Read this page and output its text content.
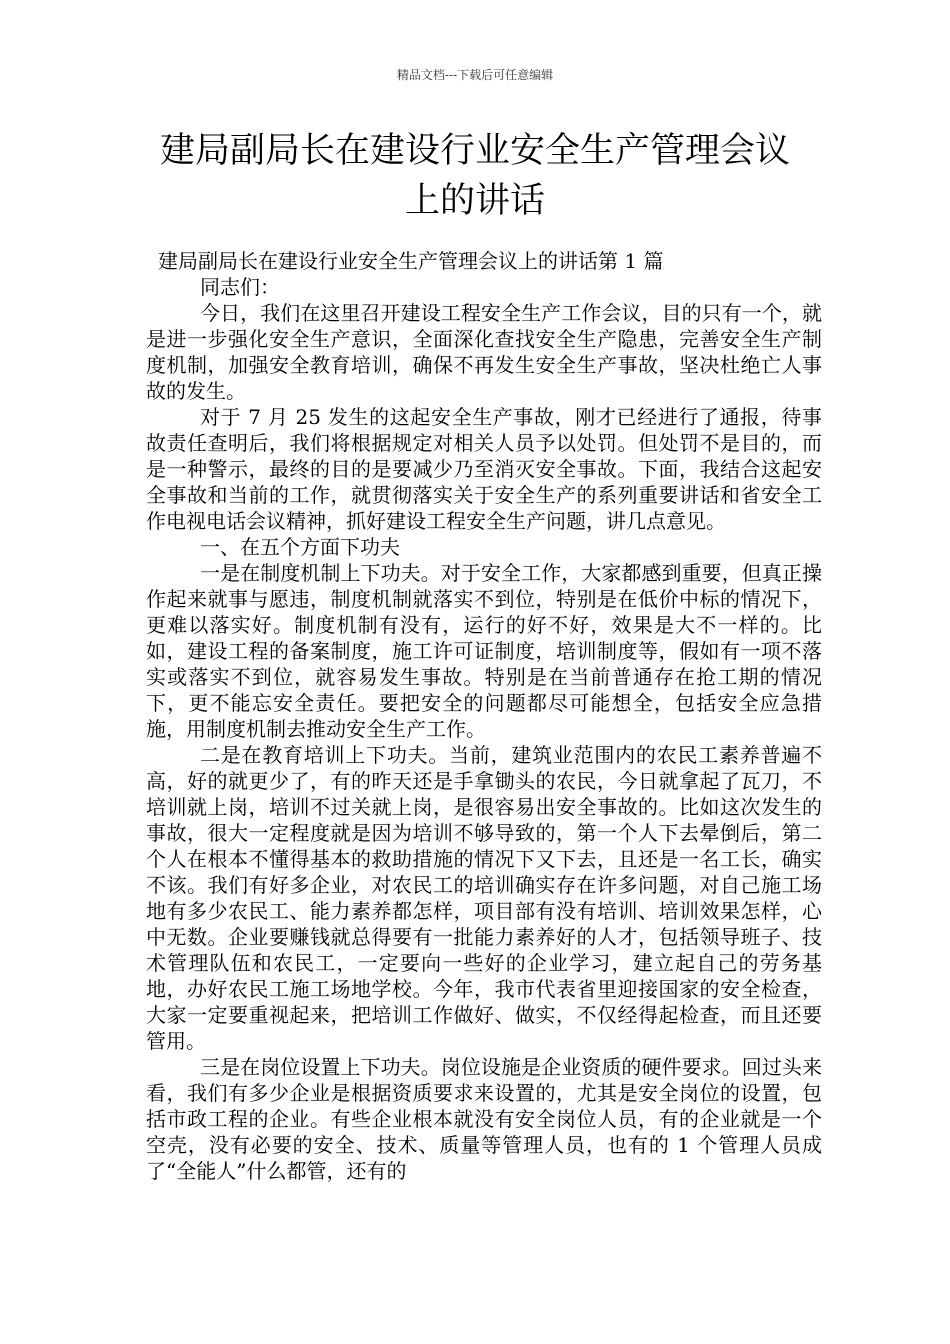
精品文档---下载后可任意编辑
建局副局长在建设行业安全生产管理会议
上的讲话
建局副局长在建设行业安全生产管理会议上的讲话第 1 篇

同志们：

今日，我们在这里召开建设工程安全生产工作会议，目的只有一个，就是进一步强化安全生产意识，全面深化查找安全生产隐患，完善安全生产制度机制，加强安全教育培训，确保不再发生安全生产事故，坚决杜绝亡人事故的发生。

对于 7 月 25 发生的这起安全生产事故，刚才已经进行了通报，待事故责任查明后，我们将根据规定对相关人员予以处罚。但处罚不是目的，而是一种警示，最终的目的是要减少乃至消灭安全事故。下面，我结合这起安全事故和当前的工作，就贯彻落实关于安全生产的系列重要讲话和省安全工作电视电话会议精神，抓好建设工程安全生产问题，讲几点意见。

一、在五个方面下功夫

一是在制度机制上下功夫。对于安全工作，大家都感到重要，但真正操作起来就事与愿违，制度机制就落实不到位，特别是在低价中标的情况下，更难以落实好。制度机制有没有，运行的好不好，效果是大不一样的。比如，建设工程的备案制度，施工许可证制度，培训制度等，假如有一项不落实或落实不到位，就容易发生事故。特别是在当前普通存在抢工期的情况下，更不能忘安全责任。要把安全的问题都尽可能想全，包括安全应急措施，用制度机制去推动安全生产工作。

二是在教育培训上下功夫。当前，建筑业范围内的农民工素养普遍不高，好的就更少了，有的昨天还是手拿锄头的农民，今日就拿起了瓦刀，不培训就上岗，培训不过关就上岗，是很容易出安全事故的。比如这次发生的事故，很大一定程度就是因为培训不够导致的，第一个人下去晕倒后，第二个人在根本不懂得基本的救助措施的情况下又下去，且还是一名工长，确实不该。我们有好多企业，对农民工的培训确实存在许多问题，对自己施工场地有多少农民工、能力素养都怎样，项目部有没有培训、培训效果怎样，心中无数。企业要赚钱就总得要有一批能力素养好的人才，包括领导班子、技术管理队伍和农民工，一定要向一些好的企业学习，建立起自己的劳务基地，办好农民工施工场地学校。今年，我市代表省里迎接国家的安全检查，大家一定要重视起来，把培训工作做好、做实，不仅经得起检查，而且还要管用。

三是在岗位设置上下功夫。岗位设施是企业资质的硬件要求。回过头来看，我们有多少企业是根据资质要求来设置的，尤其是安全岗位的设置，包括市政工程的企业。有些企业根本就没有安全岗位人员，有的企业就是一个空壳，没有必要的安全、技术、质量等管理人员，也有的 1 个管理人员成了“全能人”什么都管，还有的
